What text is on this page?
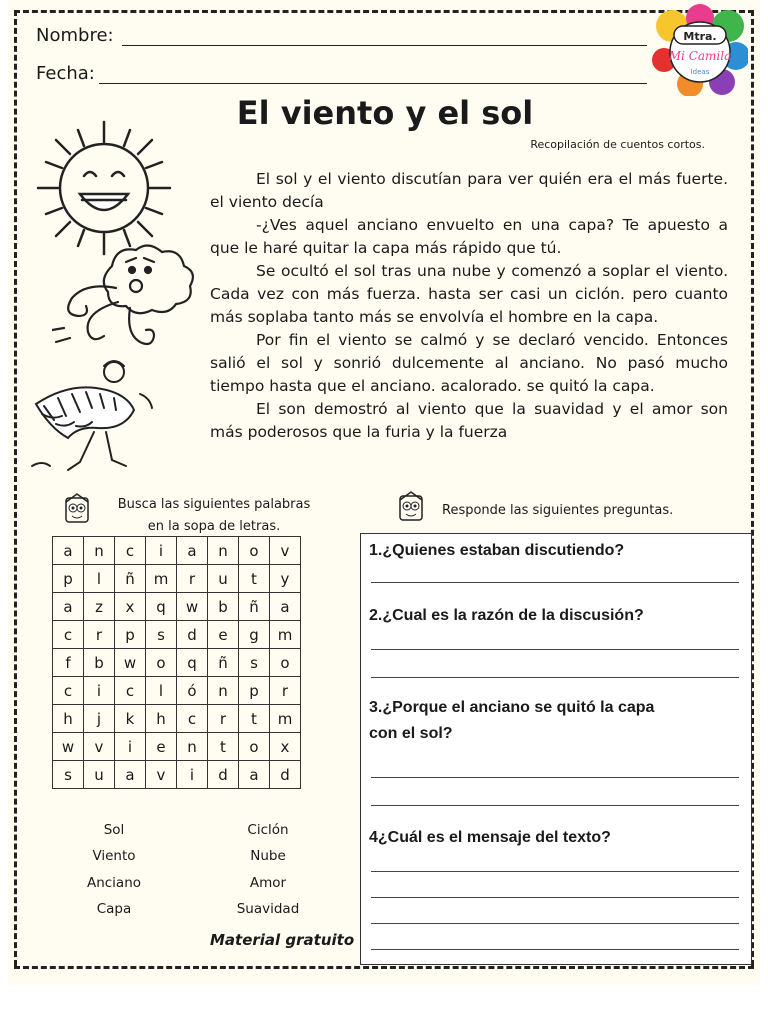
Nombre:
Fecha:
Mtra.
Mi Camila
Ideas
El viento y el sol
Recopilación de cuentos cortos.

El sol y el viento discutían para ver quién era el más fuerte. el viento decía

-¿Ves aquel anciano envuelto en una capa? Te apuesto a que le haré quitar la capa más rápido que tú.

Se ocultó el sol tras una nube y comenzó a soplar el viento. Cada vez con más fuerza. hasta ser casi un ciclón. pero cuanto más soplaba tanto más se envolvía el hombre en la capa.

Por fin el viento se calmó y se declaró vencido. Entonces salió el sol y sonrió dulcemente al anciano. No pasó mucho tiempo hasta que el anciano. acalorado. se quitó la capa.

El son demostró al viento que la suavidad y el amor son más poderosos que la furia y la fuerza

Busca las siguientes palabras
en la sopa de letras.
Responde las siguientes preguntas.
a	n	c	i	a	n	o	v
p	l	ñ	m	r	u	t	y
a	z	x	q	w	b	ñ	a
c	r	p	s	d	e	g	m
f	b	w	o	q	ñ	s	o
c	i	c	l	ó	n	p	r
h	j	k	h	c	r	t	m
w	v	i	e	n	t	o	x
s	u	a	v	i	d	a	d
Sol	Ciclón
Viento	Nube
Anciano	Amor
Capa	Suavidad
Material gratuito
1.¿Quienes estaban discutiendo?
2.¿Cual es la razón de la discusión?
3.¿Porque el anciano se quitó la capa
con el sol?
4¿Cuál es el mensaje del texto?
